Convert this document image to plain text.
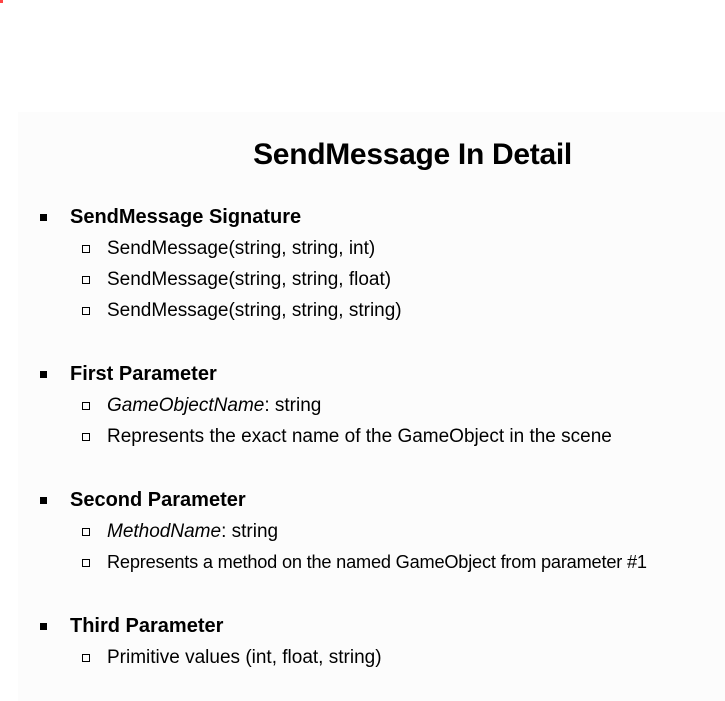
SendMessage In Detail
SendMessage Signature
SendMessage(string, string, int)
SendMessage(string, string, float)
SendMessage(string, string, string)
First Parameter
GameObjectName : string
Represents the exact name of the GameObject in the scene
Second Parameter
MethodName : string
Represents a method on the named GameObject from parameter #1
Third Parameter
Primitive values (int, float, string)
